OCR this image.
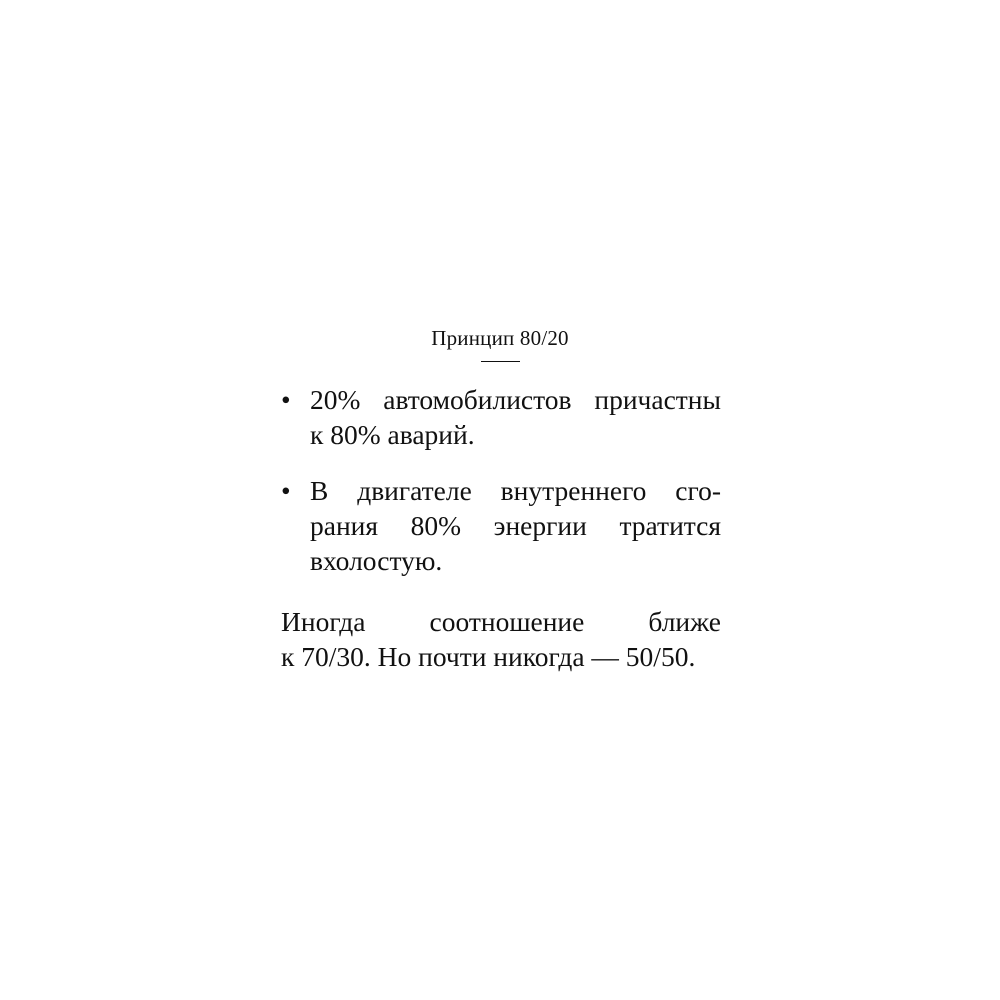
Принцип 80/20
• 20% автомобилистов причастны
к 80% аварий.
• В двигателе внутреннего сго-
рания 80% энергии тратится
вхолостую.

Иногда соотношение ближе
к 70/30. Но почти никогда — 50/50.
